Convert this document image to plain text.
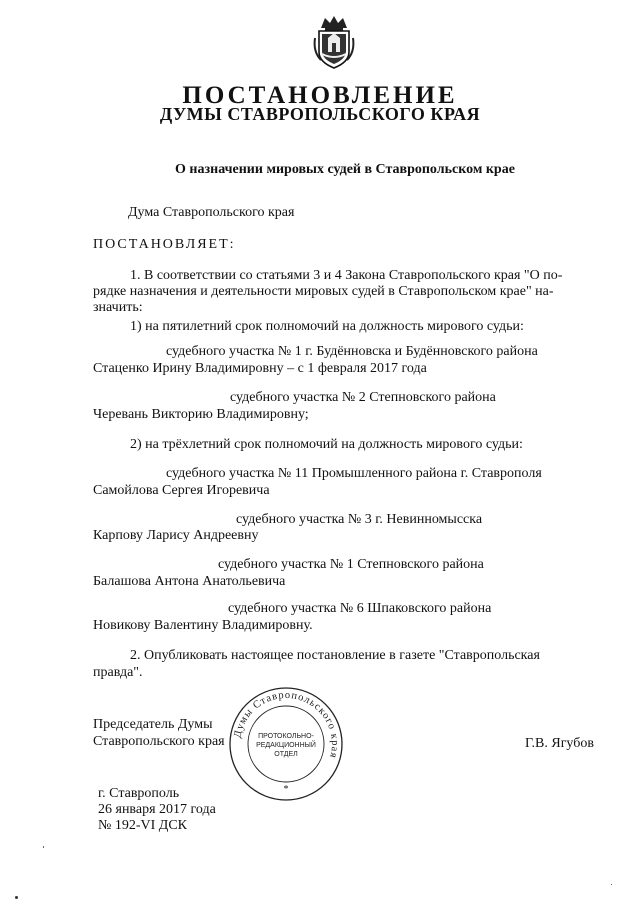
ПОСТАНОВЛЕНИЕ
ДУМЫ СТАВРОПОЛЬСКОГО КРАЯ
О назначении мировых судей в Ставропольском крае
Дума Ставропольского края
ПОСТАНОВЛЯЕТ:
1. В соответствии со статьями 3 и 4 Закона Ставропольского края "О по-
рядке назначения и деятельности мировых судей в Ставропольском крае" на-
значить:
1) на пятилетний срок полномочий на должность мирового судьи:
судебного участка № 1 г. Будённовска и Будённовского района
Стаценко Ирину Владимировну – с 1 февраля 2017 года
судебного участка № 2 Степновского района
Черевань Викторию Владимировну;
2) на трёхлетний срок полномочий на должность мирового судьи:
судебного участка № 11 Промышленного района г. Ставрополя
Самойлова Сергея Игоревича
судебного участка № 3 г. Невинномысска
Карпову Ларису Андреевну
судебного участка № 1 Степновского района
Балашова Антона Анатольевича
судебного участка № 6 Шпаковского района
Новикову Валентину Владимировну.
2. Опубликовать настоящее постановление в газете "Ставропольская
правда".
Председатель Думы
Ставропольского края	Г.В. Ягубов
Думы Ставропольского края
ПРОТОКОЛЬНО-
РЕДАКЦИОННЫЙ
ОТДЕЛ
*
г. Ставрополь
26 января 2017 года
№ 192-VI ДСК
